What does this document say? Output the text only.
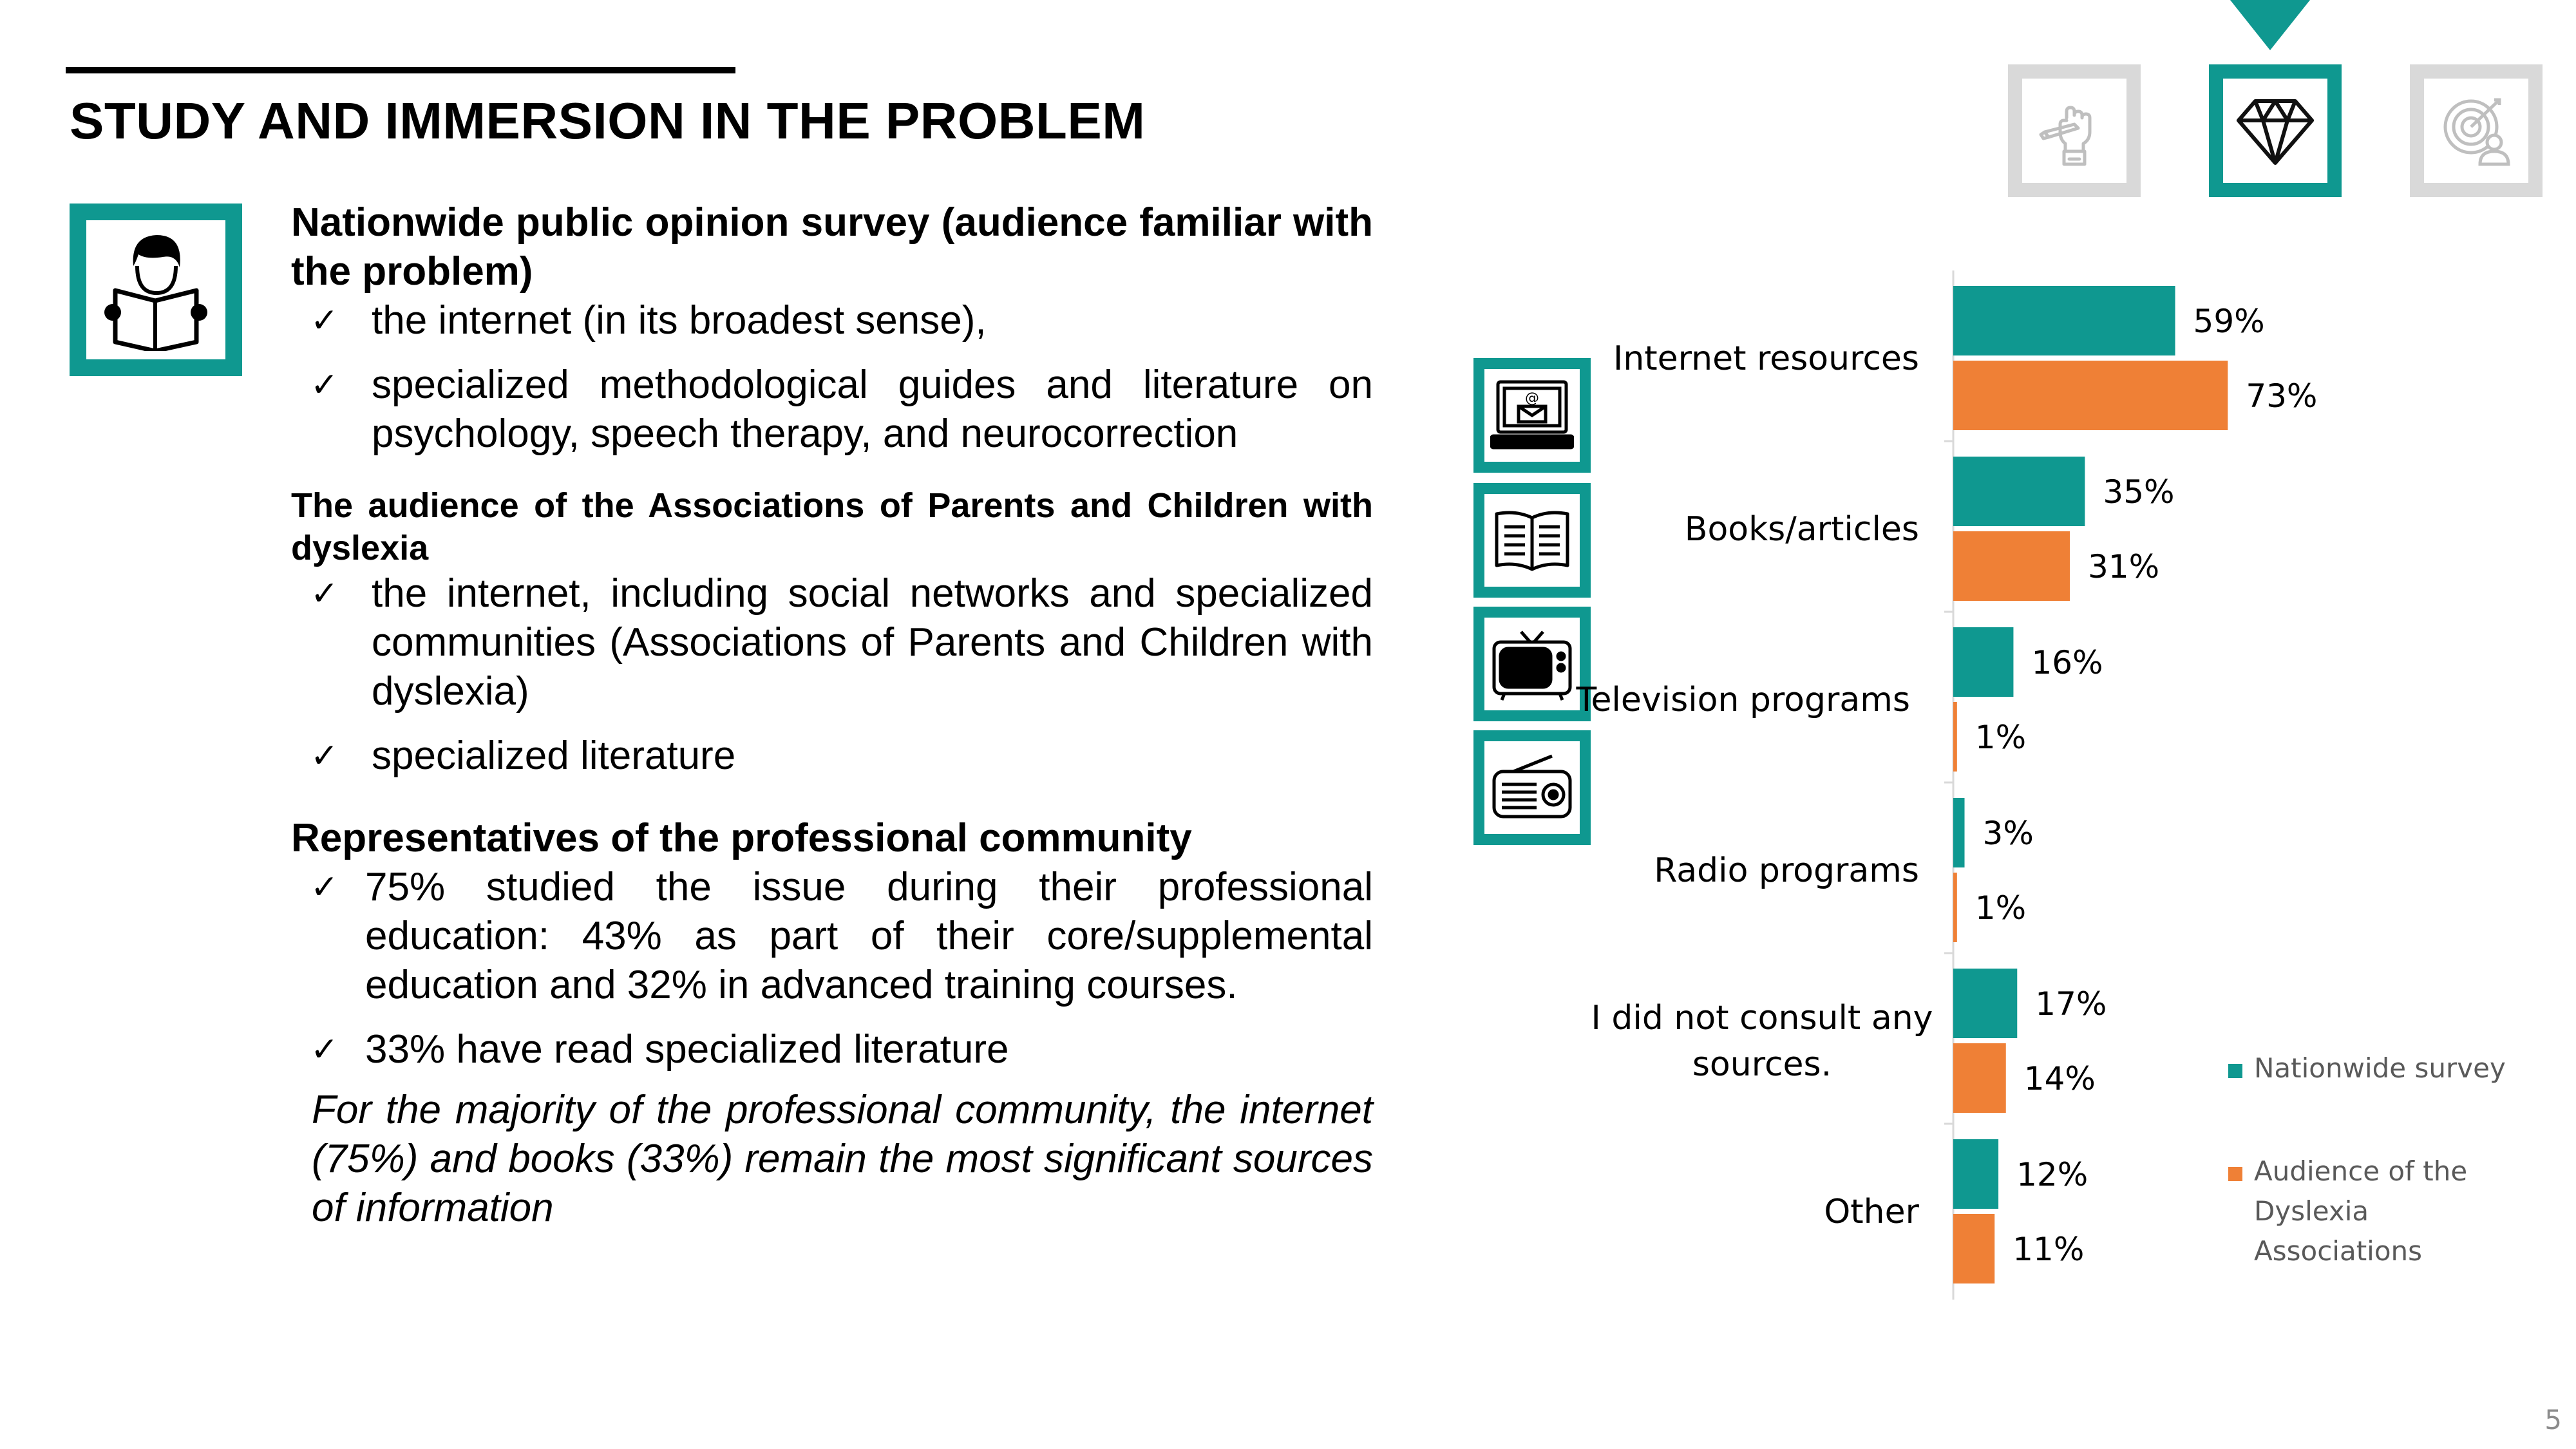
STUDY AND IMMERSION IN THE PROBLEM
Nationwide public opinion survey (audience familiar with the problem)
✓ the internet (in its broadest sense),
✓ specialized methodological guides and literature on psychology, speech therapy, and neurocorrection
The audience of the Associations of Parents and Children with dyslexia
✓ the internet, including social networks and specialized communities (Associations of Parents and Children with dyslexia)
✓ specialized literature
Representatives of the professional community
✓ 75% studied the issue during their professional education: 43% as part of their core/supplemental education and 32% in advanced training courses.
✓ 33% have read specialized literature
For the majority of the professional community, the internet (75%) and books (33%) remain the most significant sources of information
@
Internet resources
59%
73%
Books/articles
35%
31%
Television programs
16%
1%
Radio programs
3%
1%
I did not consult any
sources.
17%
14%
Other
12%
11%
Nationwide survey
Audience of the Dyslexia Associations
5
